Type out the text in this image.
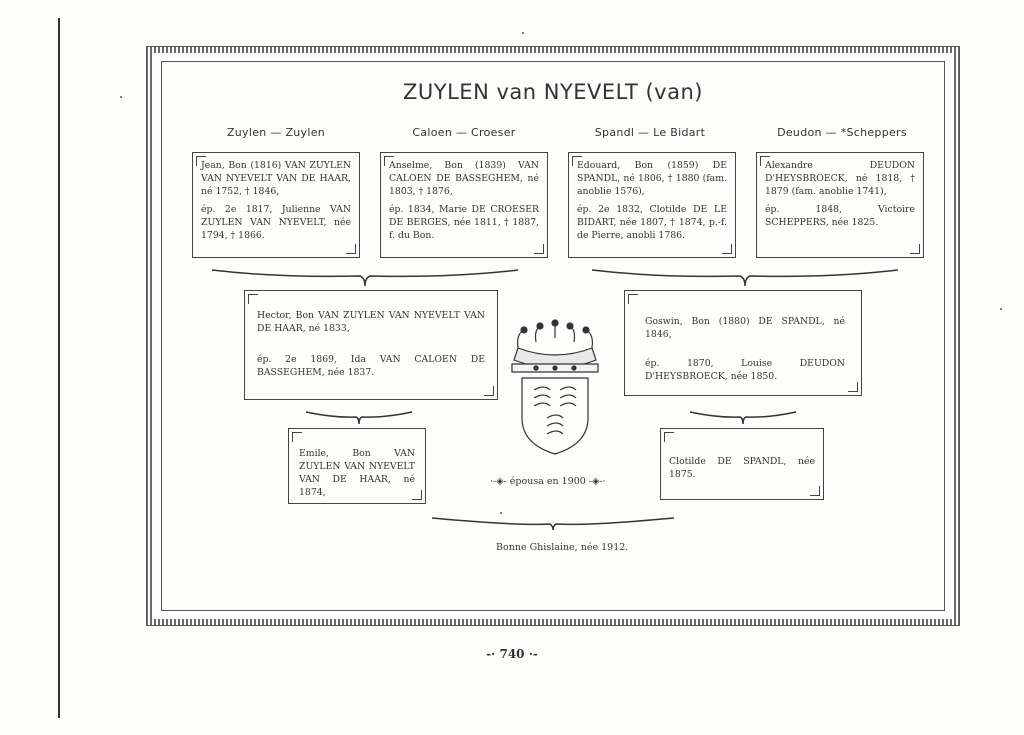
ZUYLEN van NYEVELT (van)
Zuylen — Zuylen	Caloen — Croeser	Spandl — Le Bidart	Deudon — *Scheppers

Jean, Bon (1816) VAN ZUYLEN VAN NYEVELT VAN DE HAAR, né 1752, † 1846,

ép. 2e 1817, Julienne VAN ZUYLEN VAN NYEVELT, née 1794, † 1866.

Anselme, Bon (1839) VAN CALOEN DE BASSEGHEM, né 1803, † 1876,

ép. 1834, Marie DE CROESER DE BERGES, née 1811, † 1887, f. du Bon.

Edouard, Bon (1859) DE SPANDL, né 1806, † 1880 (fam. anoblie 1576),

ép. 2e 1832, Clotilde DE LE BIDART, née 1807, † 1874, p.-f. de Pierre, anobli 1786.

Alexandre DEUDON D'HEYSBROECK, né 1818, † 1879 (fam. anoblie 1741),

ép. 1848, Victoire SCHEPPERS, née 1825.

Hector, Bon VAN ZUYLEN VAN NYEVELT VAN DE HAAR, né 1833,

ép. 2e 1869, Ida VAN CALOEN DE BASSEGHEM, née 1837.

Goswin, Bon (1880) DE SPANDL, né 1846,

ép. 1870, Louise DEUDON D'HEYSBROECK, née 1850.

Emile, Bon VAN ZUYLEN VAN NYEVELT VAN DE HAAR, né 1874,

Clotilde DE SPANDL, née 1875.

·-◈- épousa en 1900 -◈-·
Bonne Ghislaine, née 1912.
-· 740 ·-
